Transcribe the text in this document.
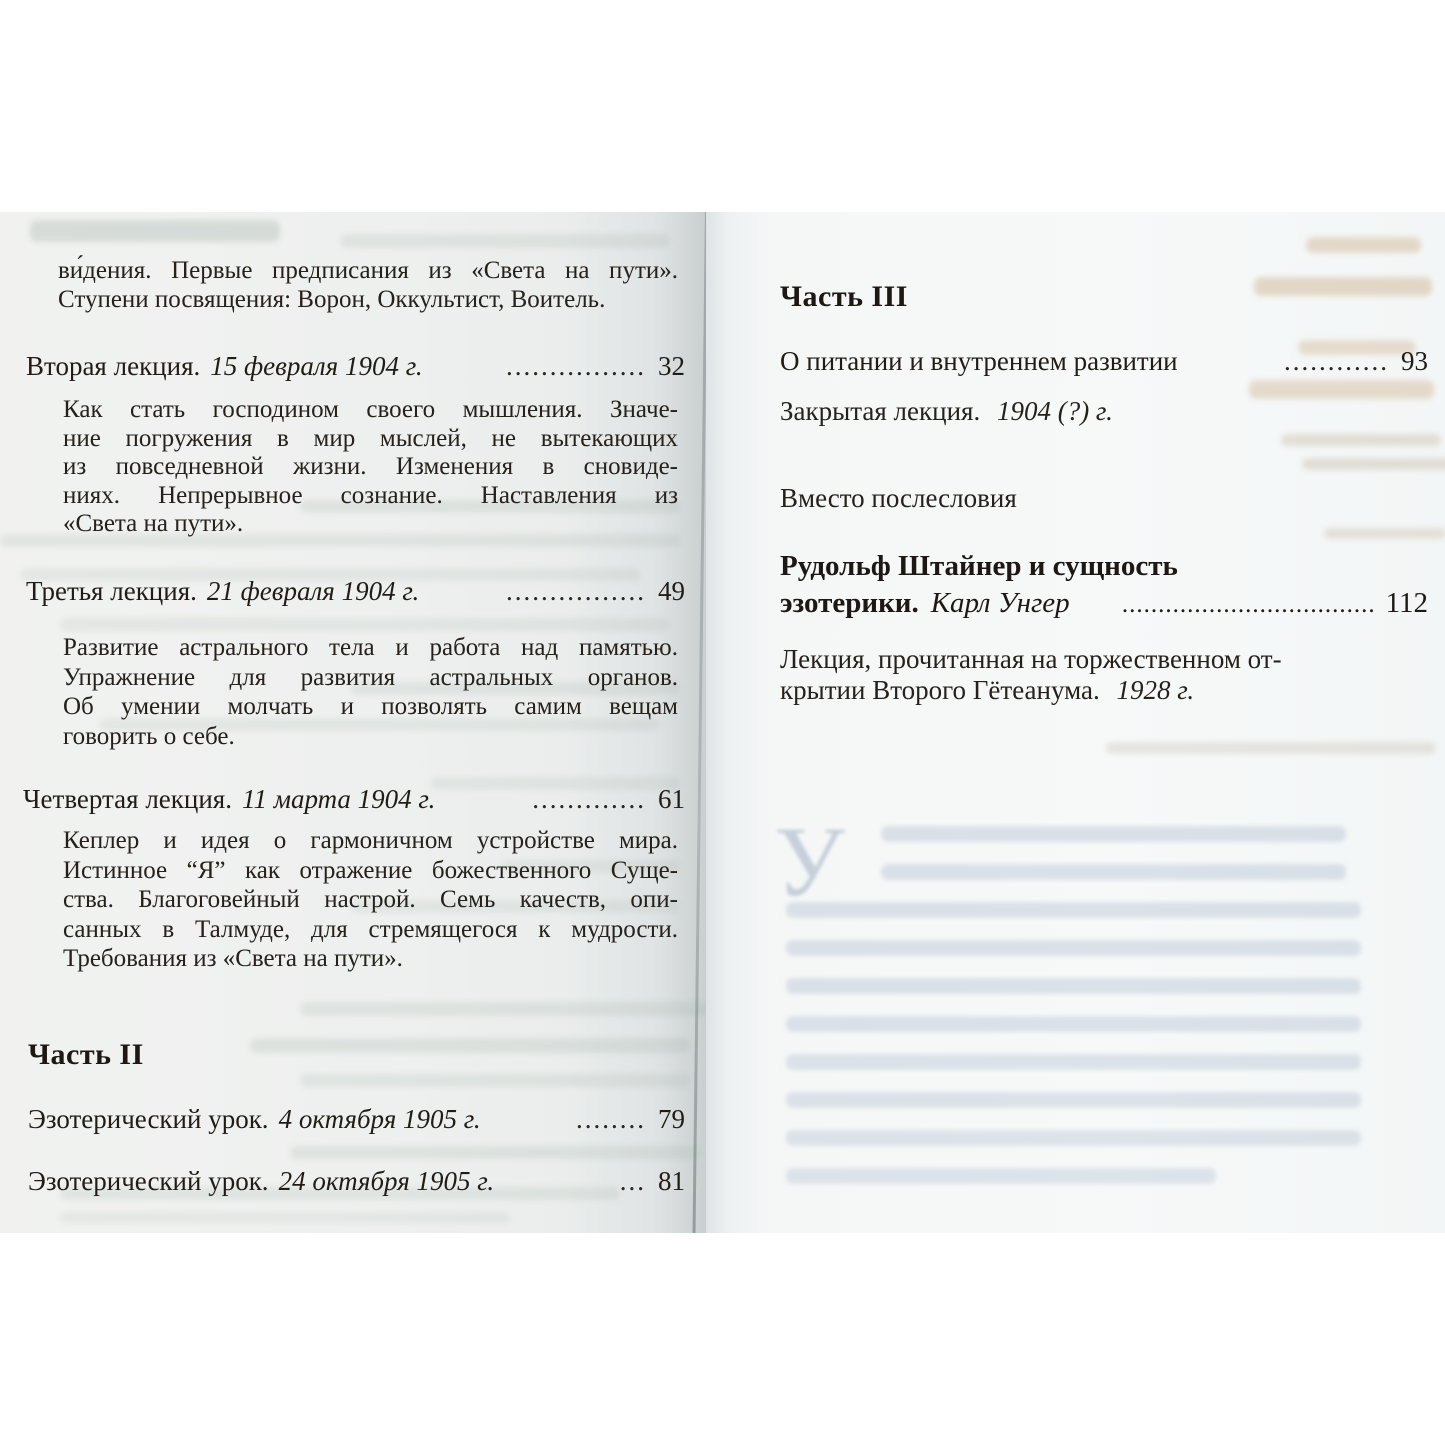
ви́дения. Первые предписания из «Света на пути».
Ступени посвящения: Ворон, Оккультист, Воитель.
Вторая лекция. 15 февраля 1904 г.	................ 32
Как стать господином своего мышления. Значе-
ние погружения в мир мыслей, не вытекающих
из повседневной жизни. Изменения в сновиде-
ниях. Непрерывное сознание. Наставления из
«Света на пути».
Третья лекция. 21 февраля 1904 г.	................ 49
Развитие астрального тела и работа над памятью.
Упражнение для развития астральных органов.
Об умении молчать и позволять самим вещам
говорить о себе.
Четвертая лекция. 11 марта 1904 г.	............. 61
Кеплер и идея о гармоничном устройстве мира.
Истинное “Я” как отражение божественного Суще-
ства. Благоговейный настрой. Семь качеств, опи-
санных в Талмуде, для стремящегося к мудрости.
Требования из «Света на пути».
Часть II
Эзотерический урок. 4 октября 1905 г.	........ 79
Эзотерический урок. 24 октября 1905 г.	... 81
Часть III
О питании и внутреннем развитии	............ 93
Закрытая лекция. 1904 (?) г.
Вместо послесловия
Рудольф Штайнер и сущность
эзотерики. Карл Унгер	................................... 112
Лекция, прочитанная на торжественном от-
крытии Второго Гётеанума. 1928 г.
У
